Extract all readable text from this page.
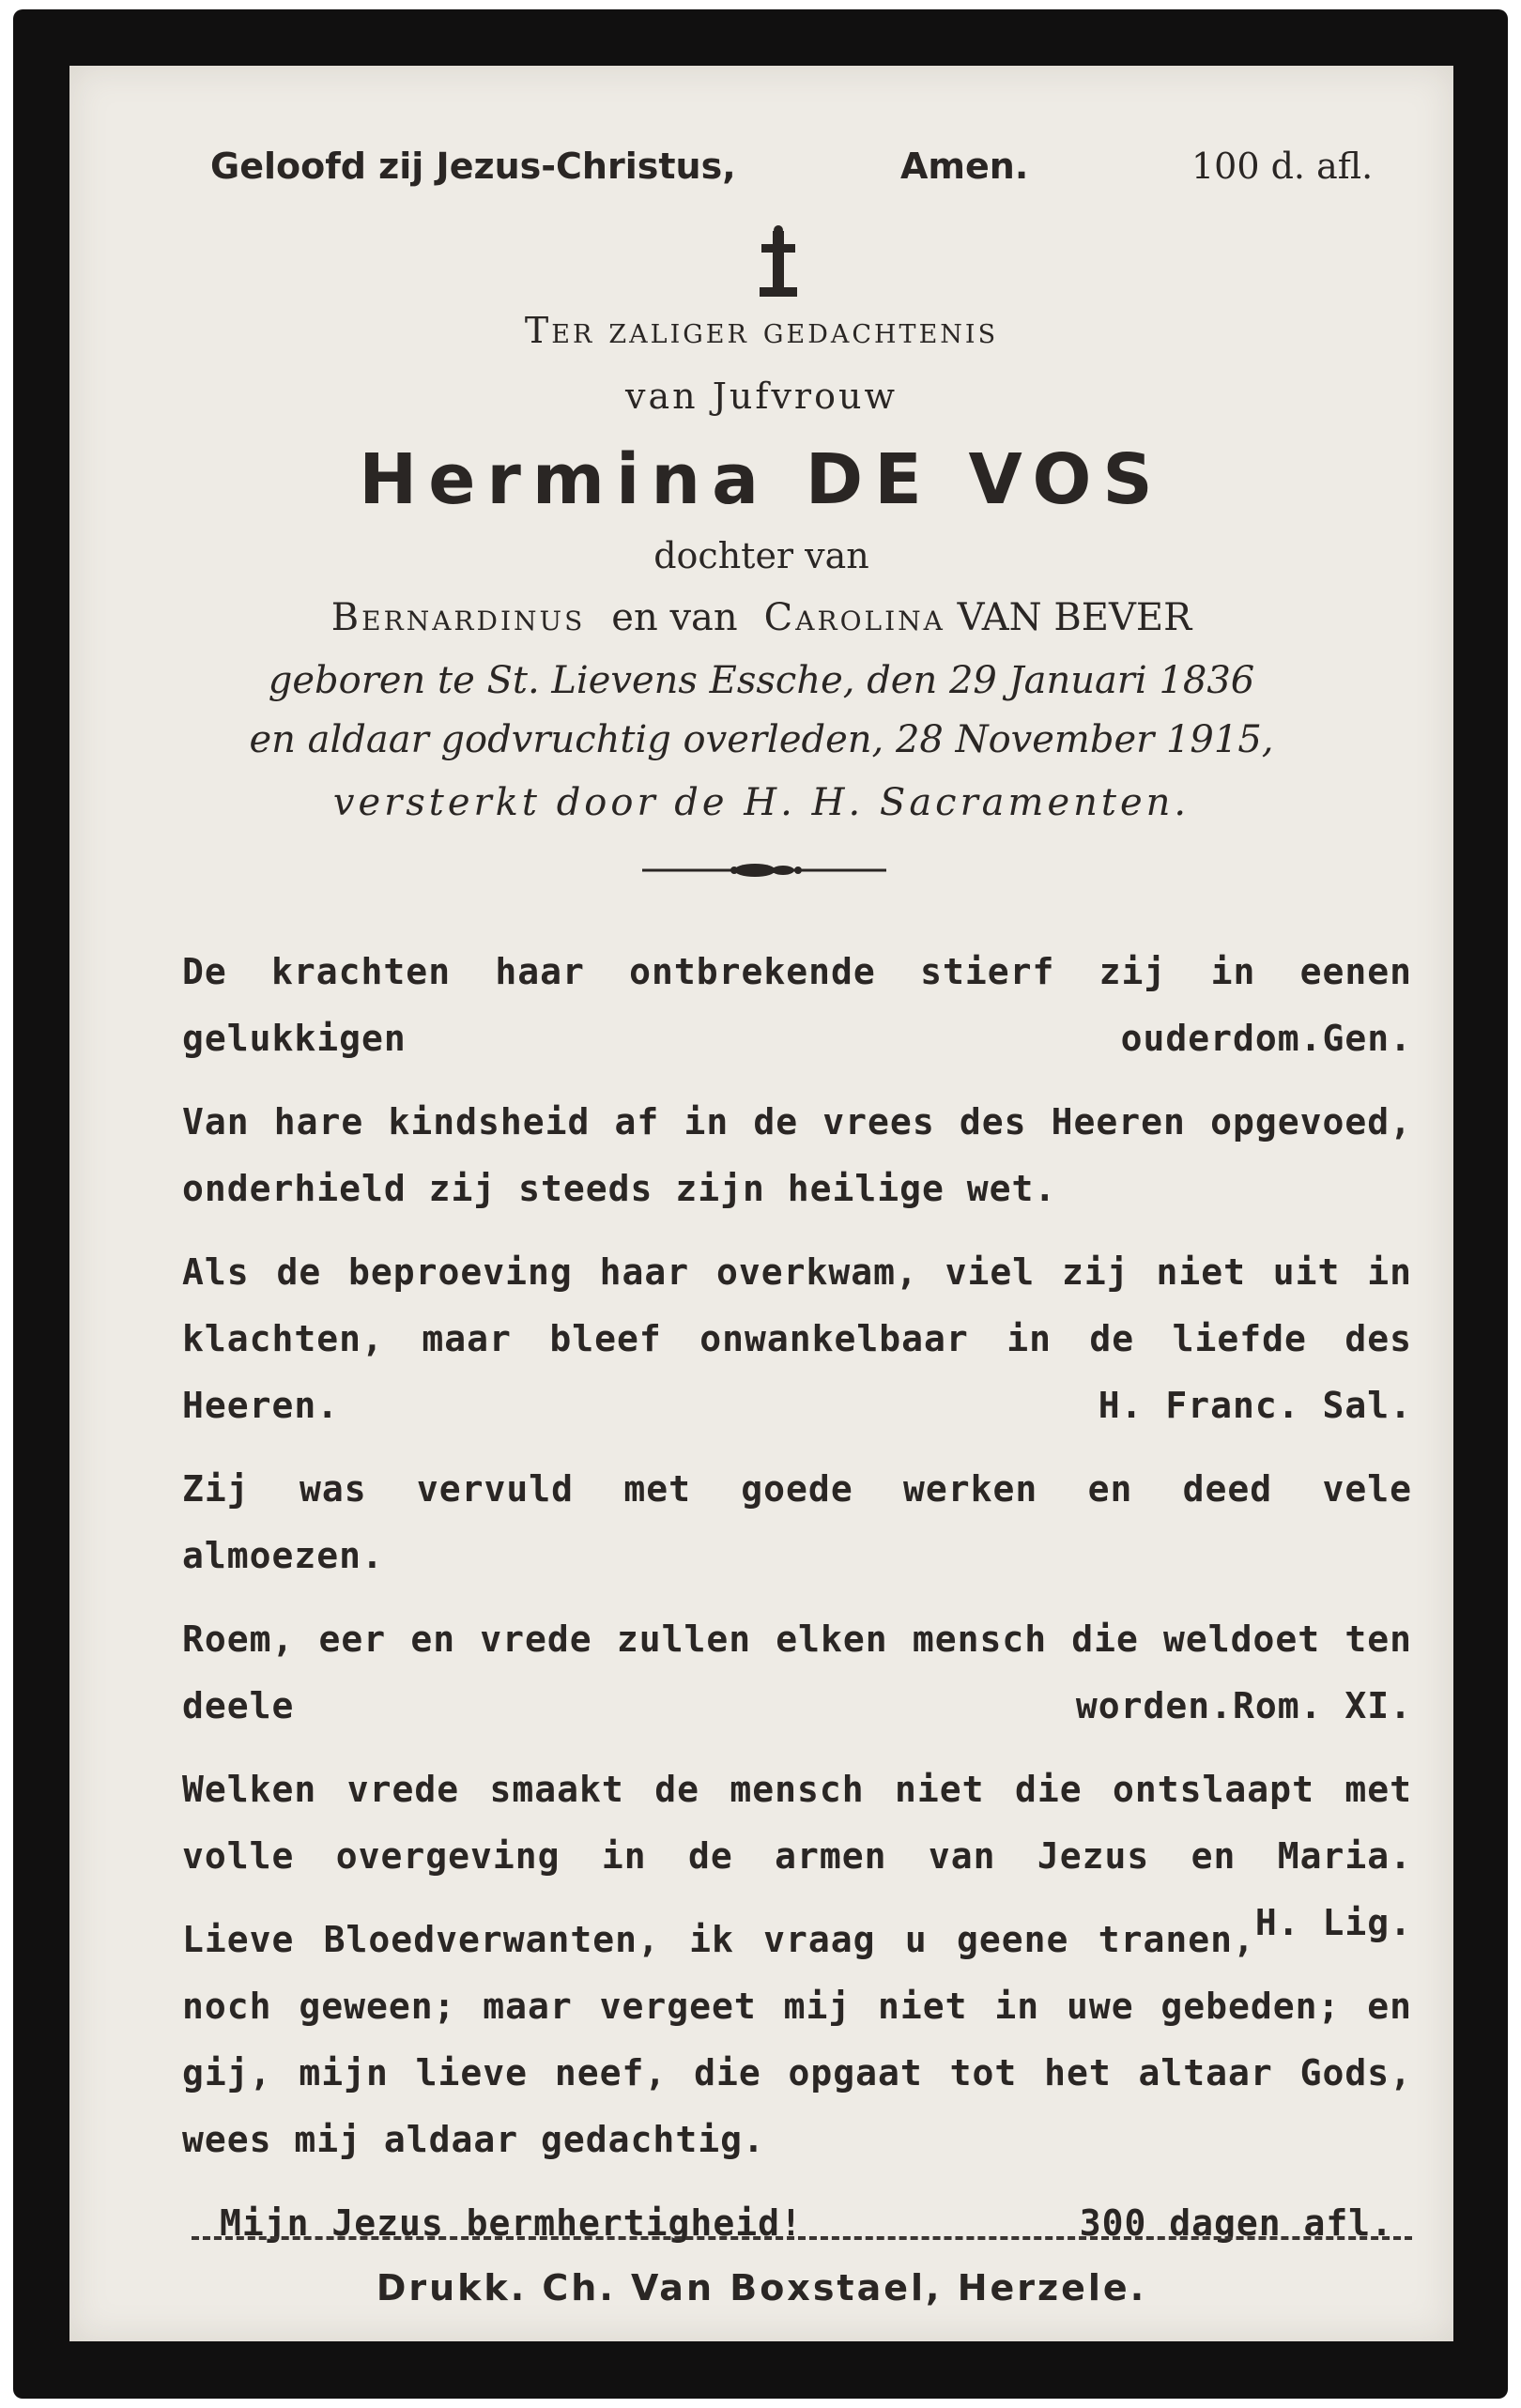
Geloofd zij Jezus-Christus,	Amen.	100 d. afl.
Ter zaliger gedachtenis
van Jufvrouw
Hermina DE VOS
dochter van
Bernardinus en van Carolina VAN BEVER
geboren te St. Lievens Essche, den 29 Januari 1836
en aldaar godvruchtig overleden, 28 November 1915,
versterkt door de H. H. Sacramenten.

De krachten haar ontbrekende stierf zij in eenen gelukkigen ouderdom. Gen.

Van hare kindsheid af in de vrees des Heeren opgevoed, onderhield zij steeds zijn heilige wet.

Als de beproeving haar overkwam, viel zij niet uit in klachten, maar bleef onwankelbaar in de liefde des Heeren.	H. Franc. Sal.

Zij was vervuld met goede werken en deed vele almoezen.

Roem, eer en vrede zullen elken mensch die weldoet ten deele worden. Rom. XI.

Welken vrede smaakt de mensch niet die ontslaapt met volle overgeving in de armen van Jezus en Maria.
H. Lig.

Lieve Bloedverwanten, ik vraag u geene tranen, noch geween; maar vergeet mij niet in uwe gebeden; en gij, mijn lieve neef, die opgaat tot het altaar Gods, wees mij aldaar gedachtig.

Mijn Jezus bermhertigheid!	300 dagen afl.
Drukk. Ch. Van Boxstael, Herzele.
